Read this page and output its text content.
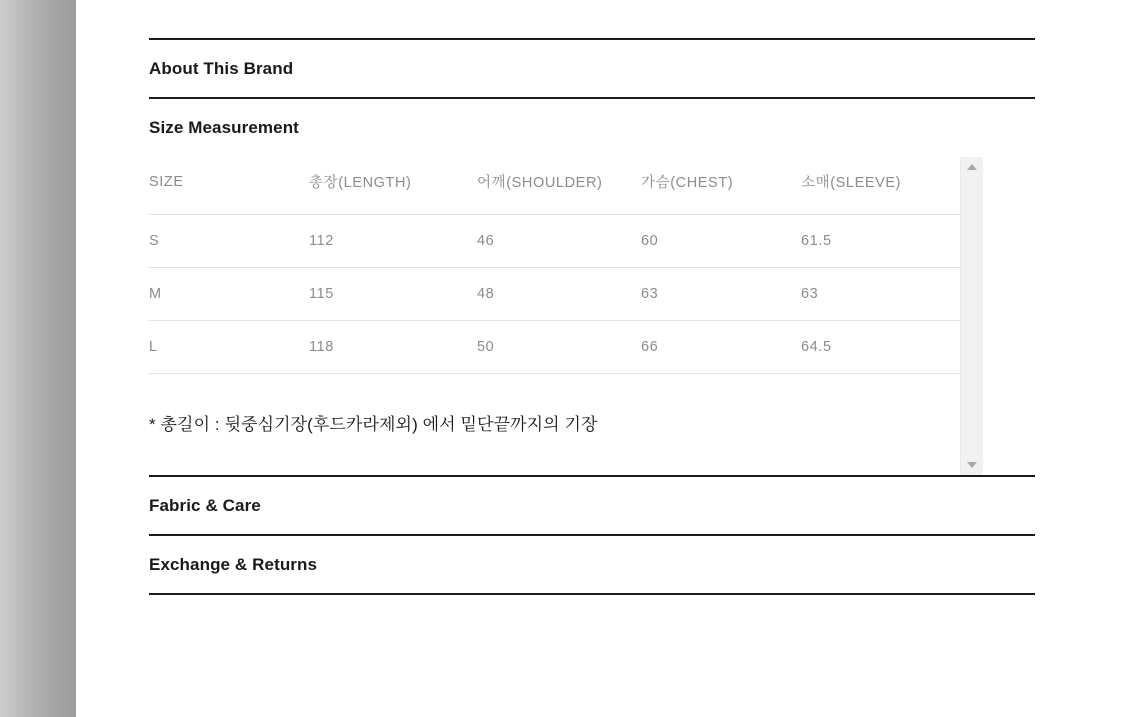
About This Brand
Size Measurement
SIZE	총장(LENGTH)	어깨(SHOULDER)	가슴(CHEST)	소매(SLEEVE)
S	112	46	60	61.5
M	115	48	63	63
L	118	50	66	64.5
* 총길이 : 뒷중심기장(후드카라제외) 에서 밑단끝까지의 기장
Fabric & Care
Exchange & Returns
